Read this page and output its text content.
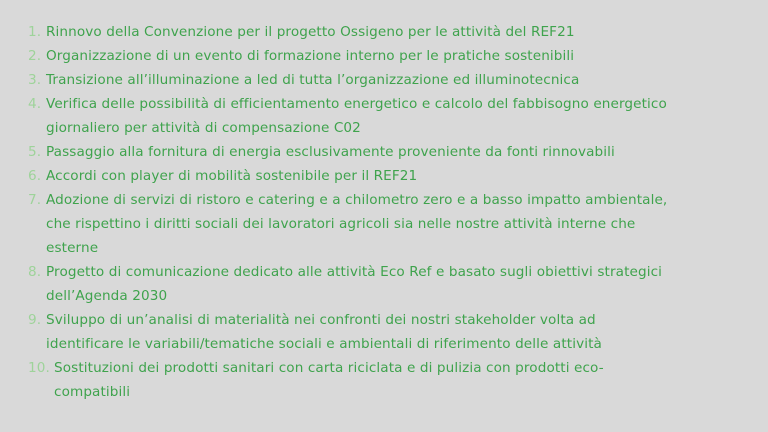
1. Rinnovo della Convenzione per il progetto Ossigeno per le attività del REF21
2. Organizzazione di un evento di formazione interno per le pratiche sostenibili
3. Transizione all’illuminazione a led di tutta l’organizzazione ed illuminotecnica
4. Verifica delle possibilità di efficientamento energetico e calcolo del fabbisogno energetico
giornaliero per attività di compensazione C02
5. Passaggio alla fornitura di energia esclusivamente proveniente da fonti rinnovabili
6. Accordi con player di mobilità sostenibile per il REF21
7. Adozione di servizi di ristoro e catering e a chilometro zero e a basso impatto ambientale,
che rispettino i diritti sociali dei lavoratori agricoli sia nelle nostre attività interne che
esterne
8. Progetto di comunicazione dedicato alle attività Eco Ref e basato sugli obiettivi strategici
dell’Agenda 2030
9. Sviluppo di un’analisi di materialità nei confronti dei nostri stakeholder volta ad
identificare le variabili/tematiche sociali e ambientali di riferimento delle attività
10. Sostituzioni dei prodotti sanitari con carta riciclata e di pulizia con prodotti eco-
compatibili
